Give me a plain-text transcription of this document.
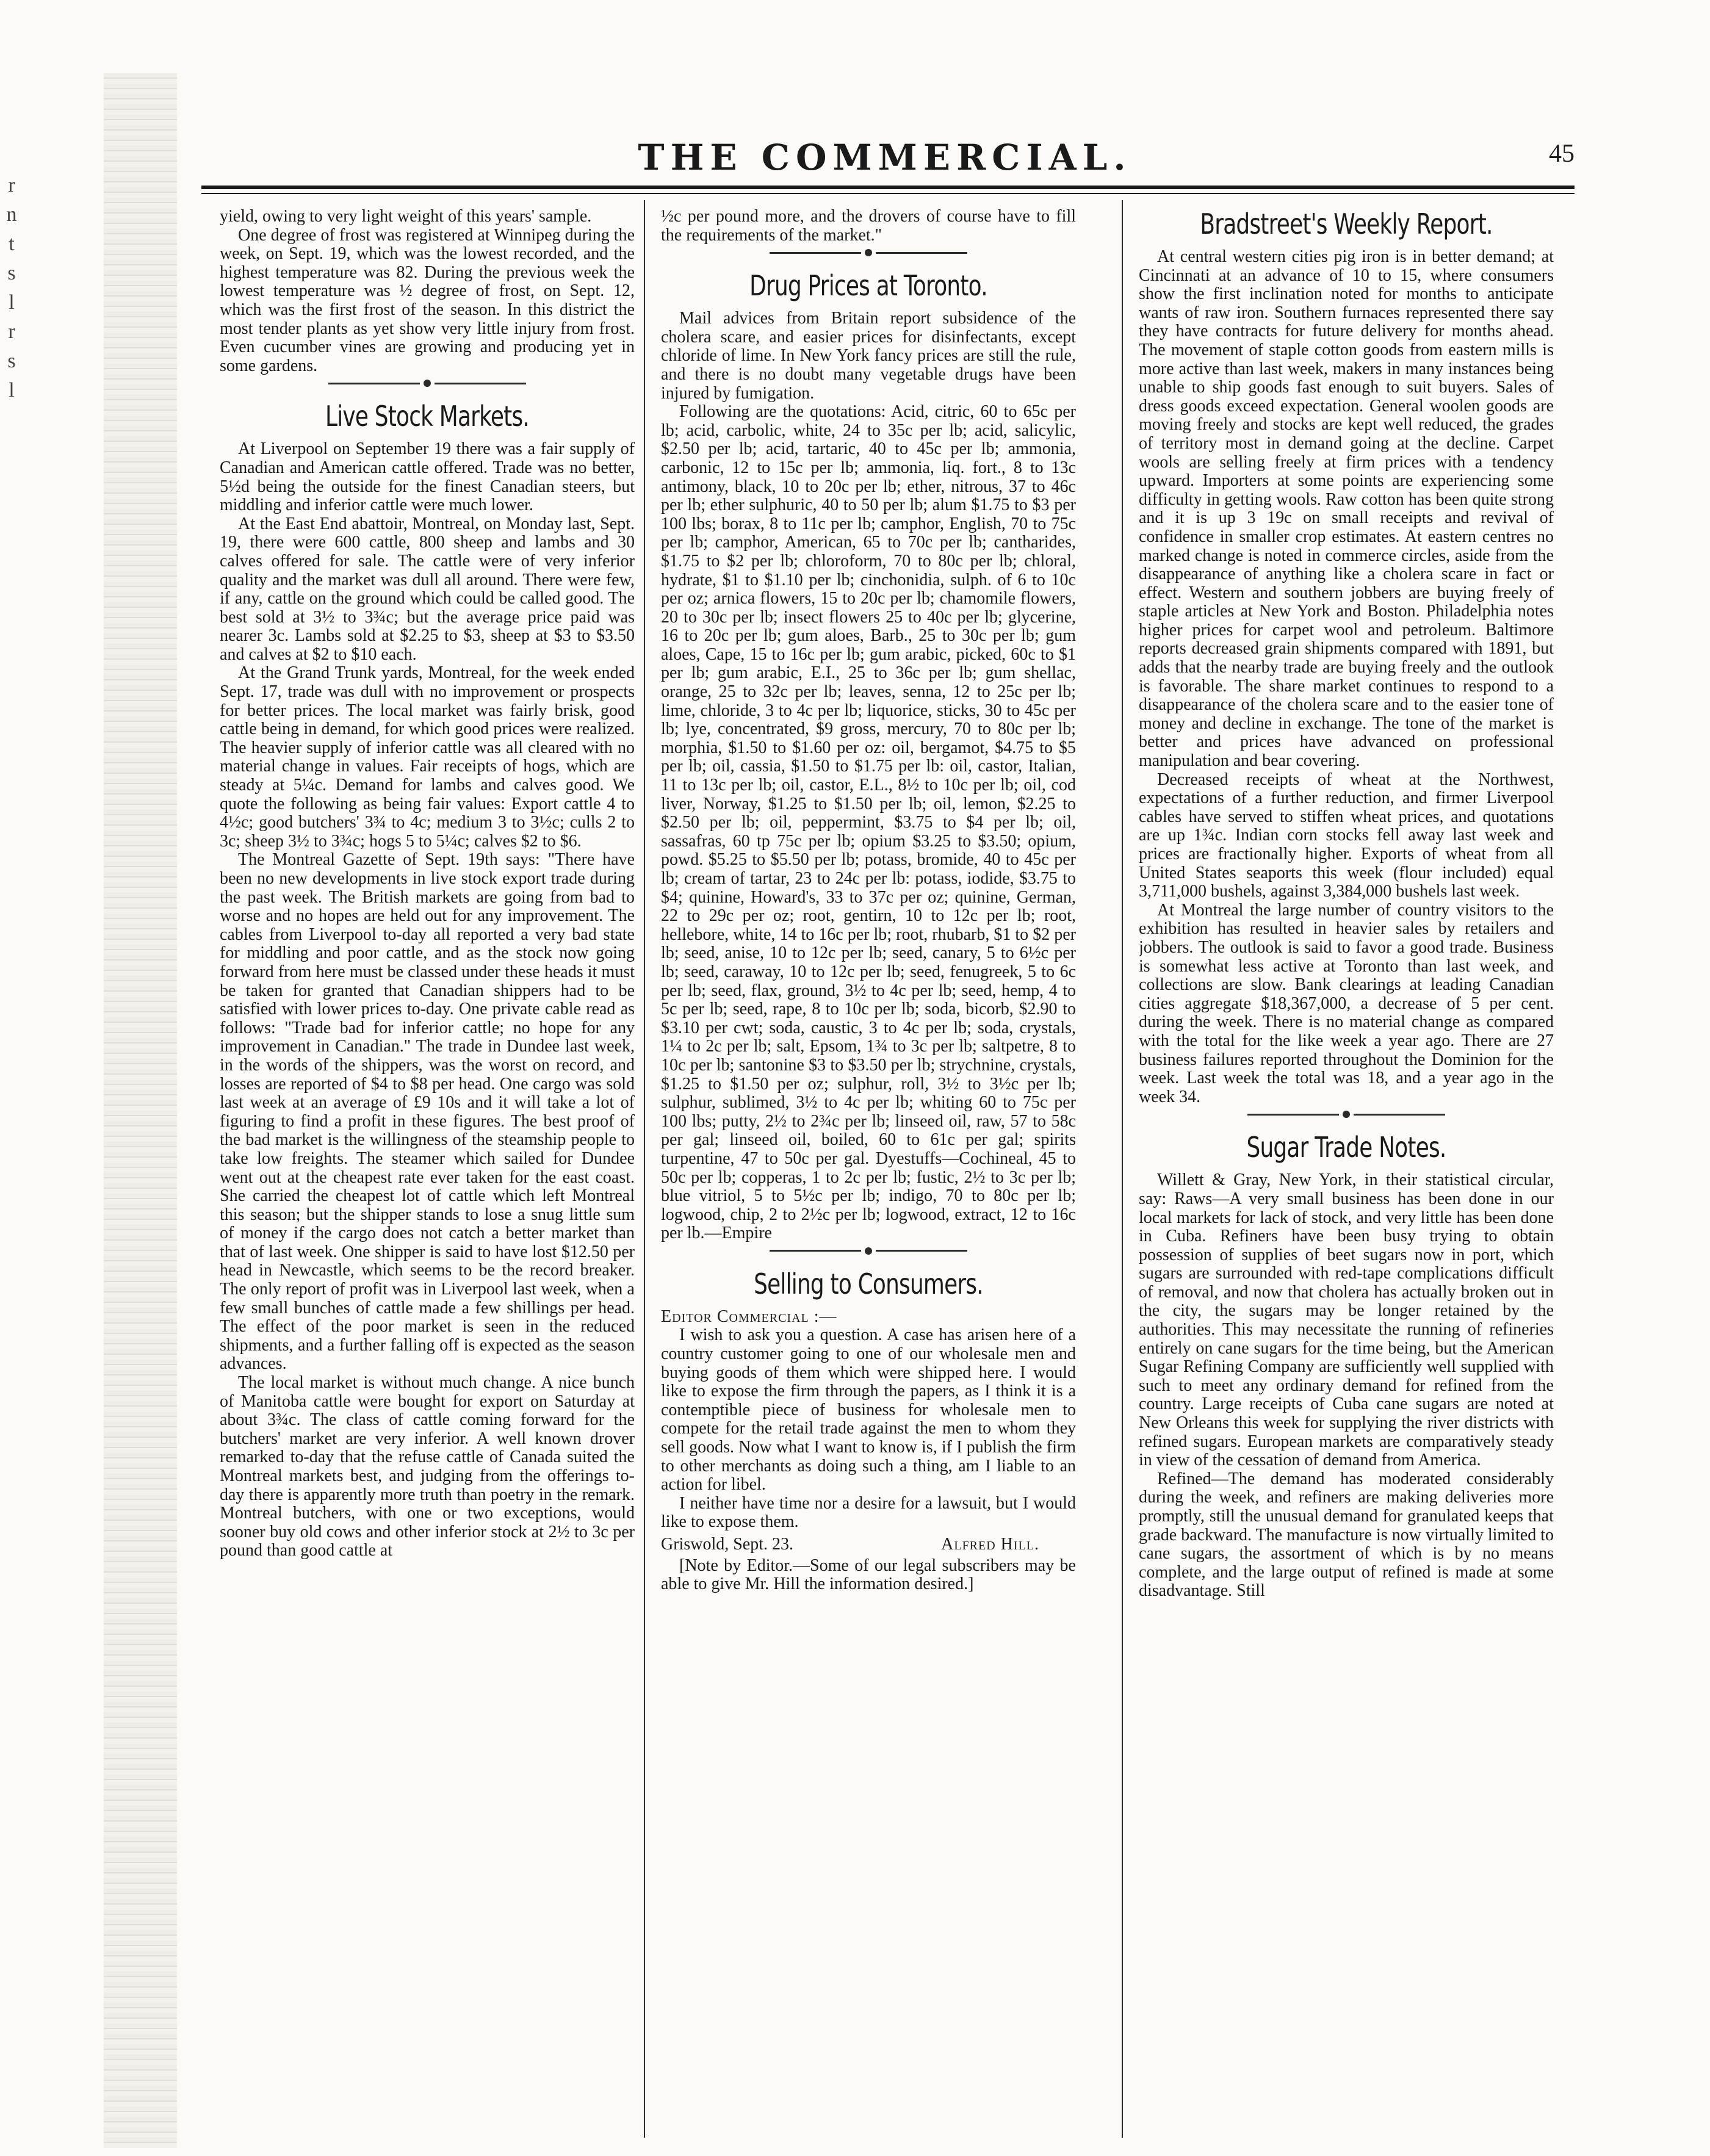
r
n
t
s
l
r
s
l
THE COMMERCIAL.	45

yield, owing to very light weight of this years' sample.

One degree of frost was registered at Winnipeg during the week, on Sept. 19, which was the lowest recorded, and the highest temperature was 82. During the previous week the lowest temperature was ½ degree of frost, on Sept. 12, which was the first frost of the season. In this district the most tender plants as yet show very little injury from frost. Even cucumber vines are growing and producing yet in some gardens.

Live Stock Markets.

At Liverpool on September 19 there was a fair supply of Canadian and American cattle offered. Trade was no better, 5½d being the outside for the finest Canadian steers, but middling and inferior cattle were much lower.

At the East End abattoir, Montreal, on Monday last, Sept. 19, there were 600 cattle, 800 sheep and lambs and 30 calves offered for sale. The cattle were of very inferior quality and the market was dull all around. There were few, if any, cattle on the ground which could be called good. The best sold at 3½ to 3¾c; but the average price paid was nearer 3c. Lambs sold at $2.25 to $3, sheep at $3 to $3.50 and calves at $2 to $10 each.

At the Grand Trunk yards, Montreal, for the week ended Sept. 17, trade was dull with no improvement or prospects for better prices. The local market was fairly brisk, good cattle being in demand, for which good prices were realized. The heavier supply of inferior cattle was all cleared with no material change in values. Fair receipts of hogs, which are steady at 5¼c. Demand for lambs and calves good. We quote the following as being fair values: Export cattle 4 to 4½c; good butchers' 3¾ to 4c; medium 3 to 3½c; culls 2 to 3c; sheep 3½ to 3¾c; hogs 5 to 5¼c; calves $2 to $6.

The Montreal Gazette of Sept. 19th says: "There have been no new developments in live stock export trade during the past week. The British markets are going from bad to worse and no hopes are held out for any improvement. The cables from Liverpool to-day all reported a very bad state for middling and poor cattle, and as the stock now going forward from here must be classed under these heads it must be taken for granted that Canadian shippers had to be satisfied with lower prices to-day. One private cable read as follows: "Trade bad for inferior cattle; no hope for any improvement in Canadian." The trade in Dundee last week, in the words of the shippers, was the worst on record, and losses are reported of $4 to $8 per head. One cargo was sold last week at an average of £9 10s and it will take a lot of figuring to find a profit in these figures. The best proof of the bad market is the willingness of the steamship people to take low freights. The steamer which sailed for Dundee went out at the cheapest rate ever taken for the east coast. She carried the cheapest lot of cattle which left Montreal this season; but the shipper stands to lose a snug little sum of money if the cargo does not catch a better market than that of last week. One shipper is said to have lost $12.50 per head in Newcastle, which seems to be the record breaker. The only report of profit was in Liverpool last week, when a few small bunches of cattle made a few shillings per head. The effect of the poor market is seen in the reduced shipments, and a further falling off is expected as the season advances.

The local market is without much change. A nice bunch of Manitoba cattle were bought for export on Saturday at about 3¾c. The class of cattle coming forward for the butchers' market are very inferior. A well known drover remarked to-day that the refuse cattle of Canada suited the Montreal markets best, and judging from the offerings to-day there is apparently more truth than poetry in the remark. Montreal butchers, with one or two exceptions, would sooner buy old cows and other inferior stock at 2½ to 3c per pound than good cattle at

½c per pound more, and the drovers of course have to fill the requirements of the market."

Drug Prices at Toronto.

Mail advices from Britain report subsidence of the cholera scare, and easier prices for disinfectants, except chloride of lime. In New York fancy prices are still the rule, and there is no doubt many vegetable drugs have been injured by fumigation.

Following are the quotations: Acid, citric, 60 to 65c per lb; acid, carbolic, white, 24 to 35c per lb; acid, salicylic, $2.50 per lb; acid, tartaric, 40 to 45c per lb; ammonia, carbonic, 12 to 15c per lb; ammonia, liq. fort., 8 to 13c antimony, black, 10 to 20c per lb; ether, nitrous, 37 to 46c per lb; ether sulphuric, 40 to 50 per lb; alum $1.75 to $3 per 100 lbs; borax, 8 to 11c per lb; camphor, English, 70 to 75c per lb; camphor, American, 65 to 70c per lb; cantharides, $1.75 to $2 per lb; chloroform, 70 to 80c per lb; chloral, hydrate, $1 to $1.10 per lb; cinchonidia, sulph. of 6 to 10c per oz; arnica flowers, 15 to 20c per lb; chamomile flowers, 20 to 30c per lb; insect flowers 25 to 40c per lb; glycerine, 16 to 20c per lb; gum aloes, Barb., 25 to 30c per lb; gum aloes, Cape, 15 to 16c per lb; gum arabic, picked, 60c to $1 per lb; gum arabic, E.I., 25 to 36c per lb; gum shellac, orange, 25 to 32c per lb; leaves, senna, 12 to 25c per lb; lime, chloride, 3 to 4c per lb; liquorice, sticks, 30 to 45c per lb; lye, concentrated, $9 gross, mercury, 70 to 80c per lb; morphia, $1.50 to $1.60 per oz: oil, bergamot, $4.75 to $5 per lb; oil, cassia, $1.50 to $1.75 per lb: oil, castor, Italian, 11 to 13c per lb; oil, castor, E.L., 8½ to 10c per lb; oil, cod liver, Norway, $1.25 to $1.50 per lb; oil, lemon, $2.25 to $2.50 per lb; oil, peppermint, $3.75 to $4 per lb; oil, sassafras, 60 tp 75c per lb; opium $3.25 to $3.50; opium, powd. $5.25 to $5.50 per lb; potass, bromide, 40 to 45c per lb; cream of tartar, 23 to 24c per lb: potass, iodide, $3.75 to $4; quinine, Howard's, 33 to 37c per oz; quinine, German, 22 to 29c per oz; root, gentirn, 10 to 12c per lb; root, hellebore, white, 14 to 16c per lb; root, rhubarb, $1 to $2 per lb; seed, anise, 10 to 12c per lb; seed, canary, 5 to 6½c per lb; seed, caraway, 10 to 12c per lb; seed, fenugreek, 5 to 6c per lb; seed, flax, ground, 3½ to 4c per lb; seed, hemp, 4 to 5c per lb; seed, rape, 8 to 10c per lb; soda, bicorb, $2.90 to $3.10 per cwt; soda, caustic, 3 to 4c per lb; soda, crystals, 1¼ to 2c per lb; salt, Epsom, 1¾ to 3c per lb; saltpetre, 8 to 10c per lb; santonine $3 to $3.50 per lb; strychnine, crystals, $1.25 to $1.50 per oz; sulphur, roll, 3½ to 3½c per lb; sulphur, sublimed, 3½ to 4c per lb; whiting 60 to 75c per 100 lbs; putty, 2½ to 2¾c per lb; linseed oil, raw, 57 to 58c per gal; linseed oil, boiled, 60 to 61c per gal; spirits turpentine, 47 to 50c per gal. Dyestuffs—Cochineal, 45 to 50c per lb; copperas, 1 to 2c per lb; fustic, 2½ to 3c per lb; blue vitriol, 5 to 5½c per lb; indigo, 70 to 80c per lb; logwood, chip, 2 to 2½c per lb; logwood, extract, 12 to 16c per lb.—Empire

Selling to Consumers.

Editor Commercial :—

I wish to ask you a question. A case has arisen here of a country customer going to one of our wholesale men and buying goods of them which were shipped here. I would like to expose the firm through the papers, as I think it is a contemptible piece of business for wholesale men to compete for the retail trade against the men to whom they sell goods. Now what I want to know is, if I publish the firm to other merchants as doing such a thing, am I liable to an action for libel.

I neither have time nor a desire for a lawsuit, but I would like to expose them.

Griswold, Sept. 23.	Alfred Hill.

[Note by Editor.—Some of our legal subscribers may be able to give Mr. Hill the information desired.]

Bradstreet's Weekly Report.

At central western cities pig iron is in better demand; at Cincinnati at an advance of 10 to 15, where consumers show the first inclination noted for months to anticipate wants of raw iron. Southern furnaces represented there say they have contracts for future delivery for months ahead. The movement of staple cotton goods from eastern mills is more active than last week, makers in many instances being unable to ship goods fast enough to suit buyers. Sales of dress goods exceed expectation. General woolen goods are moving freely and stocks are kept well reduced, the grades of territory most in demand going at the decline. Carpet wools are selling freely at firm prices with a tendency upward. Importers at some points are experiencing some difficulty in getting wools. Raw cotton has been quite strong and it is up 3 19c on small receipts and revival of confidence in smaller crop estimates. At eastern centres no marked change is noted in commerce circles, aside from the disappearance of anything like a cholera scare in fact or effect. Western and southern jobbers are buying freely of staple articles at New York and Boston. Philadelphia notes higher prices for carpet wool and petroleum. Baltimore reports decreased grain shipments compared with 1891, but adds that the nearby trade are buying freely and the outlook is favorable. The share market continues to respond to a disappearance of the cholera scare and to the easier tone of money and decline in exchange. The tone of the market is better and prices have advanced on professional manipulation and bear covering.

Decreased receipts of wheat at the Northwest, expectations of a further reduction, and firmer Liverpool cables have served to stiffen wheat prices, and quotations are up 1¾c. Indian corn stocks fell away last week and prices are fractionally higher. Exports of wheat from all United States seaports this week (flour included) equal 3,711,000 bushels, against 3,384,000 bushels last week.

At Montreal the large number of country visitors to the exhibition has resulted in heavier sales by retailers and jobbers. The outlook is said to favor a good trade. Business is somewhat less active at Toronto than last week, and collections are slow. Bank clearings at leading Canadian cities aggregate $18,367,000, a decrease of 5 per cent. during the week. There is no material change as compared with the total for the like week a year ago. There are 27 business failures reported throughout the Dominion for the week. Last week the total was 18, and a year ago in the week 34.

Sugar Trade Notes.

Willett & Gray, New York, in their statistical circular, say: Raws—A very small business has been done in our local markets for lack of stock, and very little has been done in Cuba. Refiners have been busy trying to obtain possession of supplies of beet sugars now in port, which sugars are surrounded with red-tape complications difficult of removal, and now that cholera has actually broken out in the city, the sugars may be longer retained by the authorities. This may necessitate the running of refineries entirely on cane sugars for the time being, but the American Sugar Refining Company are sufficiently well supplied with such to meet any ordinary demand for refined from the country. Large receipts of Cuba cane sugars are noted at New Orleans this week for supplying the river districts with refined sugars. European markets are comparatively steady in view of the cessation of demand from America.

Refined—The demand has moderated considerably during the week, and refiners are making deliveries more promptly, still the unusual demand for granulated keeps that grade backward. The manufacture is now virtually limited to cane sugars, the assortment of which is by no means complete, and the large output of refined is made at some disadvantage. Still
